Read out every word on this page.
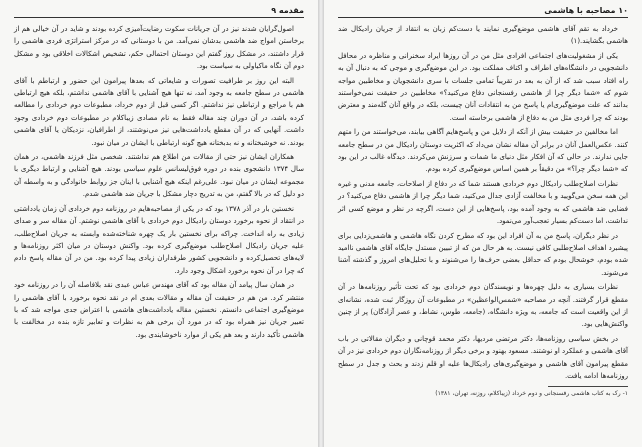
مقدمه ۹

اصول‌گرایان شدند نیز در آن جریانات سکوت رضایت‌آمیزی کرده بودند و شاید در آن خیالی هم از برخاستن امواج ضد هاشمی بدشان نمی‌آمد. من با دوستانی که در مرکز استراتژی فردی هاشمی را قرار داشتند، در مشکل روز گفتم این دوستان احتمالی حکم، تشخیص اشکالات اخلاقی بود و مشکل دوم آن نگاه ماکیاولی به سیاست بود.

البته این روز بر طرافیت تصورات و شایعاتی که بعدها پیرامون این حضور و ارتباطم با آقای هاشمی در سطح جامعه به وجود آمد، نه تنها هیچ آشنایی با آقای هاشمی نداشتم، بلکه هیچ ارتباطی هم با مراجع و ارتباطی نیز نداشتم. اگر کسی قبل از دوم خرداد، مطبوعات دوم خردادی را مطالعه کرده باشد، در آن دوران چند مقاله فقط به نام مصادی زیباکلام در مطبوعات دوم خردادی وجود داشت. آنهایی که در آن مقطع یادداشت‌هایی نیز می‌نوشتند، از اطرافیان، نزدیکان یا آقای هاشمی بودند. نه خوشبختانه و نه بدبختانه هیچ گونه ارتباطی با ایشان در میان نبود.

همکاران ایشان نیز حتی از مقالات من اطلاع هم نداشتند. شخصی مثل فرزند هاشمی، در همان سال ۱۳۷۴ دانشجوی بنده در دوره فوق‌لیسانس علوم سیاسی بودند. هیچ آشنایی و ارتباط دیگری با مجموعه ایشان در میان نبود. علی‌رغم اینکه هیچ آشنایی با اینان جز روابط خانوادگی و به واسطه آن دو دلیل که در بالا گفتم، من به تدریج دچار مشکل با جریان ضد هاشمی شدم.

نخستین بار در آذر ۱۳۷۸ بود که در یکی از مصاحبه‌هایم در روزنامه دوم خردادی آن زمان یادداشتی در انتقاد از نحوه برخورد دوستان رادیکال دوم خردادی با آقای هاشمی نوشتم. آن مقاله سر و صدای زیادی به راه انداخت. چراکه برای نخستین بار یک چهره شناخته‌شده وابسته به جریان اصلاح‌طلب، علیه جریان رادیکال اصلاح‌طلب موضع‌گیری کرده بود. واکنش دوستان در میان اکثر روزنامه‌ها و لایه‌های تحصیل‌کرده و دانشجویی کشور طرفداران زیادی پیدا کرده بود. من در آن مقاله پاسخ دادم که چرا در آن نحوه برخورد اشکال وجود دارد.

در همان سال پیامد آن مقاله بود که آقای مهندس عباس عبدی نقد بلافاصله آن را در روزنامه خود منتشر کرد. من هم در حقیقت آن مقاله و مقالات بعدی ام در نقد نحوه برخورد با آقای هاشمی را موضع‌گیری اجتماعی دانستم. نخستین مقاله یادداشت‌های هاشمی با اعتراض جدی مواجه شد که با تعبیر جریان نیز همراه بود که در مورد آن برخی هم به نظرات و تعابیر تازه بنده در مخالفت با هاشمی تأکید دارند و بعد هم یکی از موارد ناخوشایندی بود.

۱۰ مصاحبه با هاشمی

خرداد به تقم آقای هاشمی موضع‌گیری نمایند یا دست‌کم زبان به انتقاد از جریان رادیکال ضد هاشمی بگشایند.(۱)

یکی از مشغولیت‌های اجتماعی افرادی مثل من در آن روزها ایراد سخنرانی و مناظره در محافل دانشجویی در دانشگاه‌های اطراف و اکناف مملکت بود. در این موضع‌گیری و موجی که به دنبال آن به راه افتاد سبب شد که از آن به بعد در تقریباً تمامی جلسات با سری دانشجویان و مخاطبین مواجه شوم که «شما دیگر چرا از هاشمی رفسنجانی دفاع می‌کنید؟» مخاطبین در حقیقت نمی‌خواستند بدانند که علت موضع‌گیری‌ام یا پاسخ من به انتقادات آنان چیست، بلکه در واقع آنان گله‌مند و معترض بودند که چرا فردی مثل من به دفاع از هاشمی برخاسته است.

اما مخالفین در حقیقت بیش از آنکه از دلایل من و پاسخ‌هایم آگاهی بیابند، می‌خواستند من را متهم کنند. عکس‌العمل آنان در برابر آن مقاله نشان می‌داد که اکثریت دوستان رادیکال من در سطح جامعه جایی ندارند. در حالی که آن افکار مثل دنیای ما شمات و سرزنش می‌کردند. دیدگاه غالب در این بود که «شما دیگر چرا؟» من دقیقاً بر همین اساس موضع‌گیری کرده بودم.

نظرات اصلاح‌طلب رادیکال دوم خردادی هستند شما که در دفاع از اصلاحات، جامعه مدنی و غیره این همه سخن می‌گویید و با مخالفت آزادی جدال می‌کنید، شما دیگر چرا از هاشمی دفاع می‌کنید؟ در فضایی ضد هاشمی که به وجود آمده بود، پاسخ‌هایی از این دست، اگرچه در نظر و موضع کسی اثر نداشت، اما دست‌کم بسیار تعجب‌آور می‌نمود.

در نظر دیگران، پاسخ من به آن افراد این بود که مطرح کردن نگاه هاشمی و هاشمی‌زدایی برای پیشبرد اهداف اصلاح‌طلبی کافی نیست. به هر حال من که از تبیین مستدل جایگاه آقای هاشمی ناامید شده بودم، خوشحال بودم که حداقل بعضی حرف‌ها را می‌شنوند و با تحلیل‌های امروز و گذشته آشنا می‌شوند.

نظرات بسیاری به دلیل چهره‌ها و نویسندگان دوم خردادی بود که تحت تأثیر روزنامه‌ها در آن مقطع قرار گرفتند. آنچه در مصاحبه «شمس‌الواعظین» در مطبوعات آن روزگار ثبت شده، نشانه‌ای از این واقعیت است که جامعه، به ویژه دانشگاه، (جامعه، طوس، نشاط، و عصر آزادگان) پر از چنین واکنش‌هایی بود.

در بخش سیاسی روزنامه‌ها، دکتر مرتضی مردیها، دکتر محمد قوچانی و دیگران مقالاتی در باب آقای هاشمی و عملکرد او نوشتند. مسعود بهنود و برخی دیگر از روزنامه‌نگاران دوم خردادی نیز در آن مقطع پیرامون آقای هاشمی و موضع‌گیری‌های رادیکال‌ها علیه او قلم زدند و بحث و جدل در سطح روزنامه‌ها ادامه یافت.

۱- رک به کتاب هاشمی رفسنجانی و دوم خرداد (زیباکلام، روزنه، تهران، ۱۳۸۱)
